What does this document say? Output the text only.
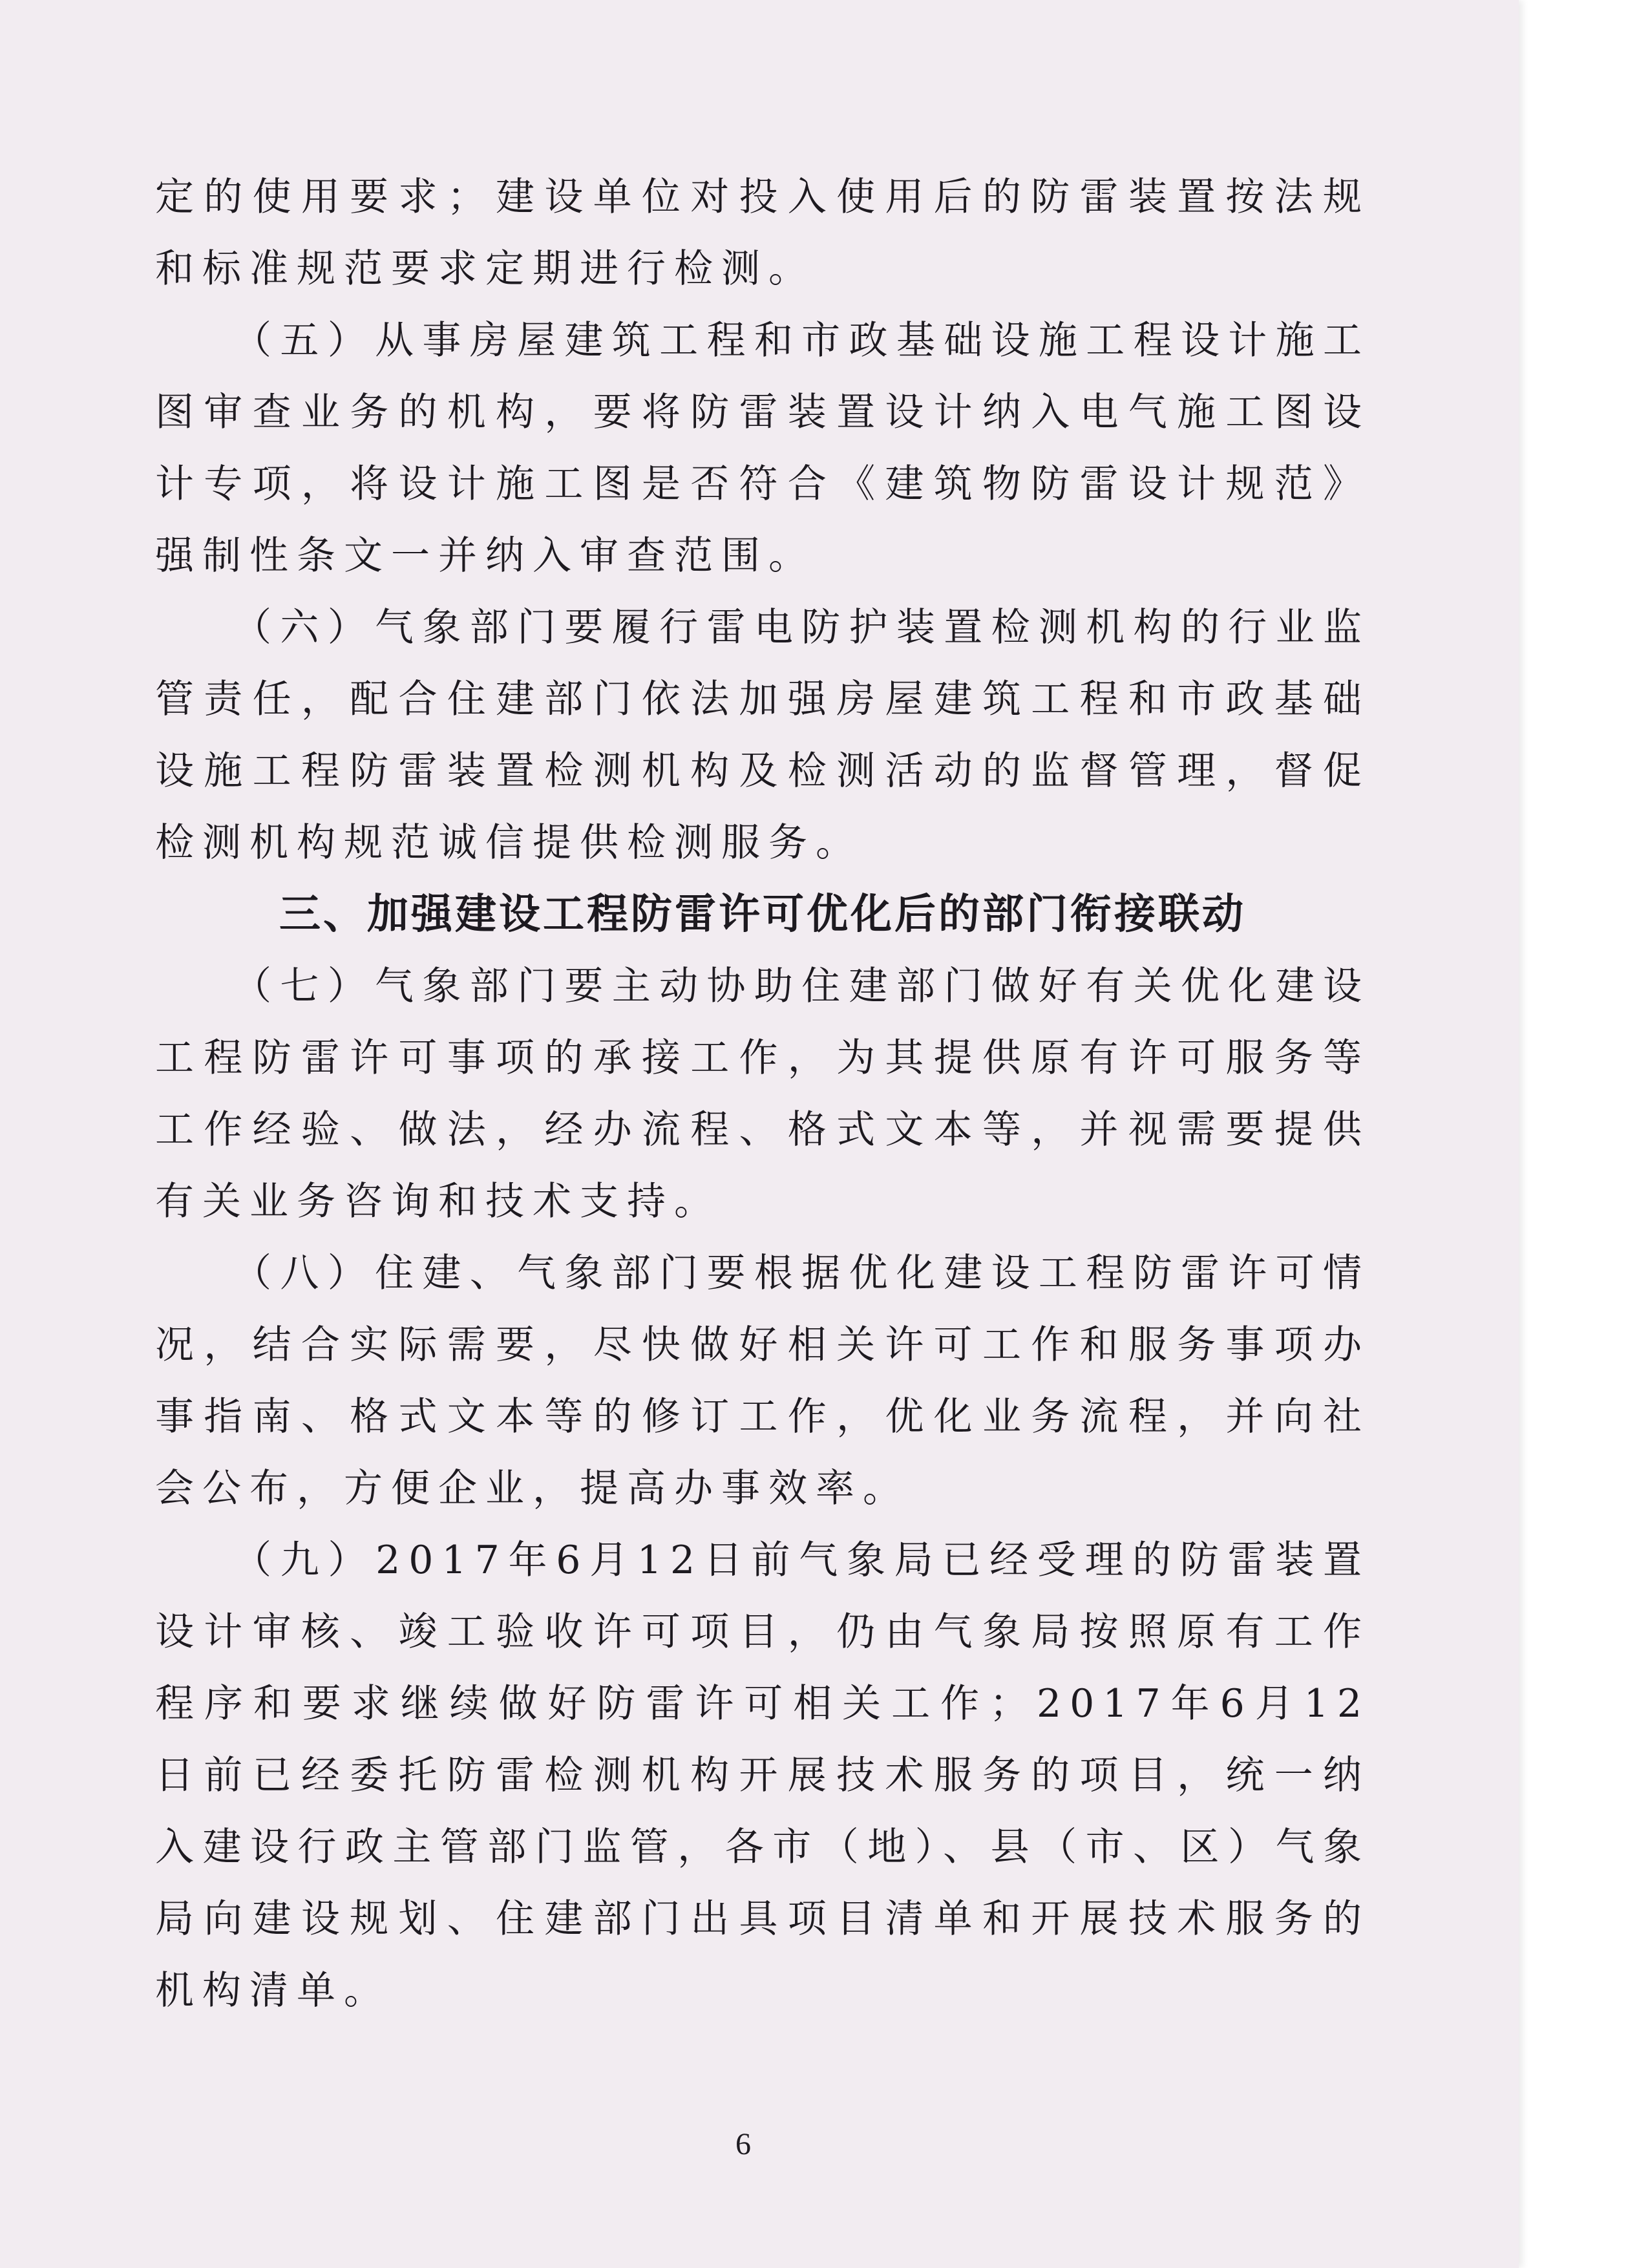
定的使用要求；建设单位对投入使用后的防雷装置按法规和标准规范要求定期进行检测。

（五）从事房屋建筑工程和市政基础设施工程设计施工图审查业务的机构，要将防雷装置设计纳入电气施工图设计专项，将设计施工图是否符合《建筑物防雷设计规范》强制性条文一并纳入审查范围。

（六）气象部门要履行雷电防护装置检测机构的行业监管责任，配合住建部门依法加强房屋建筑工程和市政基础设施工程防雷装置检测机构及检测活动的监督管理，督促检测机构规范诚信提供检测服务。

三、加强建设工程防雷许可优化后的部门衔接联动

（七）气象部门要主动协助住建部门做好有关优化建设工程防雷许可事项的承接工作，为其提供原有许可服务等工作经验、做法，经办流程、格式文本等，并视需要提供有关业务咨询和技术支持。

（八）住建、气象部门要根据优化建设工程防雷许可情况，结合实际需要，尽快做好相关许可工作和服务事项办事指南、格式文本等的修订工作，优化业务流程，并向社会公布，方便企业，提高办事效率。

（九）2017年6月12日前气象局已经受理的防雷装置设计审核、竣工验收许可项目，仍由气象局按照原有工作程序和要求继续做好防雷许可相关工作；2017年6月12日前已经委托防雷检测机构开展技术服务的项目，统一纳入建设行政主管部门监管，各市（地）、县（市、区）气象局向建设规划、住建部门出具项目清单和开展技术服务的机构清单。

6
